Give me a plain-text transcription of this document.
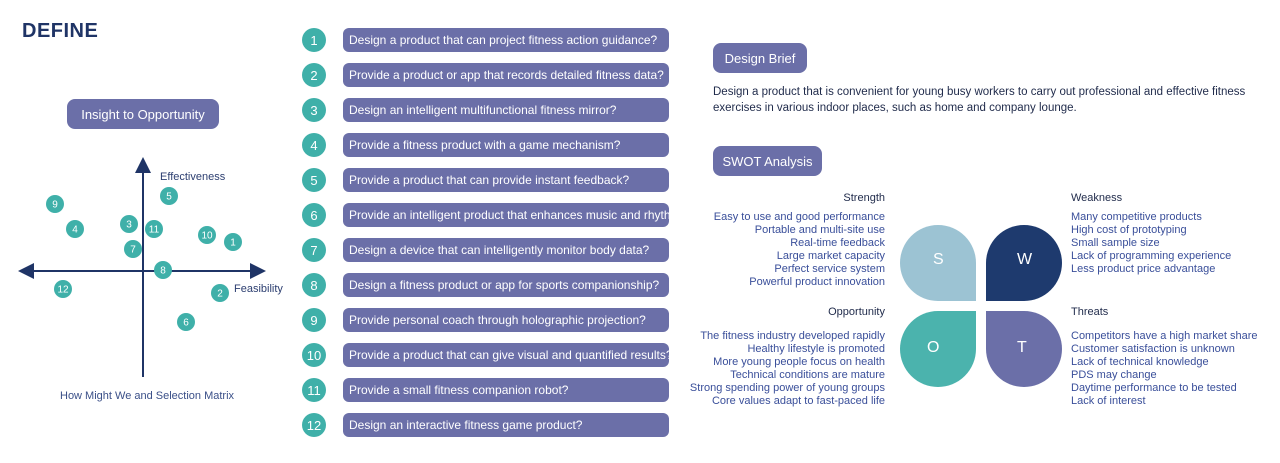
DEFINE
Insight to Opportunity
1
2
3
4
5
6
7
8
9
10
11
12
Effectiveness
Feasibility
How Might We and Selection Matrix
1	Design a product that can project fitness action guidance?
2	Provide a product or app that records detailed fitness data?
3	Design an intelligent multifunctional fitness mirror?
4	Provide a fitness product with a game mechanism?
5	Provide a product that can provide instant feedback?
6	Provide an intelligent product that enhances music and rhythm?
7	Design a device that can intelligently monitor body data?
8	Design a fitness product or app for sports companionship?
9	Provide personal coach through holographic projection?
10	Provide a product that can give visual and quantified results?
11	Provide a small fitness companion robot?
12	Design an interactive fitness game product?
Design Brief
Design a product that is convenient for young busy workers to carry out professional and effective fitness exercises in various indoor places, such as home and company lounge.
SWOT Analysis
Strength	Weakness
Opportunity	Threats
Easy to use and good performance
Portable and multi-site use
Real-time feedback
Large market capacity
Perfect service system
Powerful product innovation
Many competitive products
High cost of prototyping
Small sample size
Lack of programming experience
Less product price advantage
The fitness industry developed rapidly
Healthy lifestyle is promoted
More young people focus on health
Technical conditions are mature
Strong spending power of young groups
Core values adapt to fast-paced life
Competitors have a high market share
Customer satisfaction is unknown
Lack of technical knowledge
PDS may change
Daytime performance to be tested
Lack of interest
S	W
O	T
